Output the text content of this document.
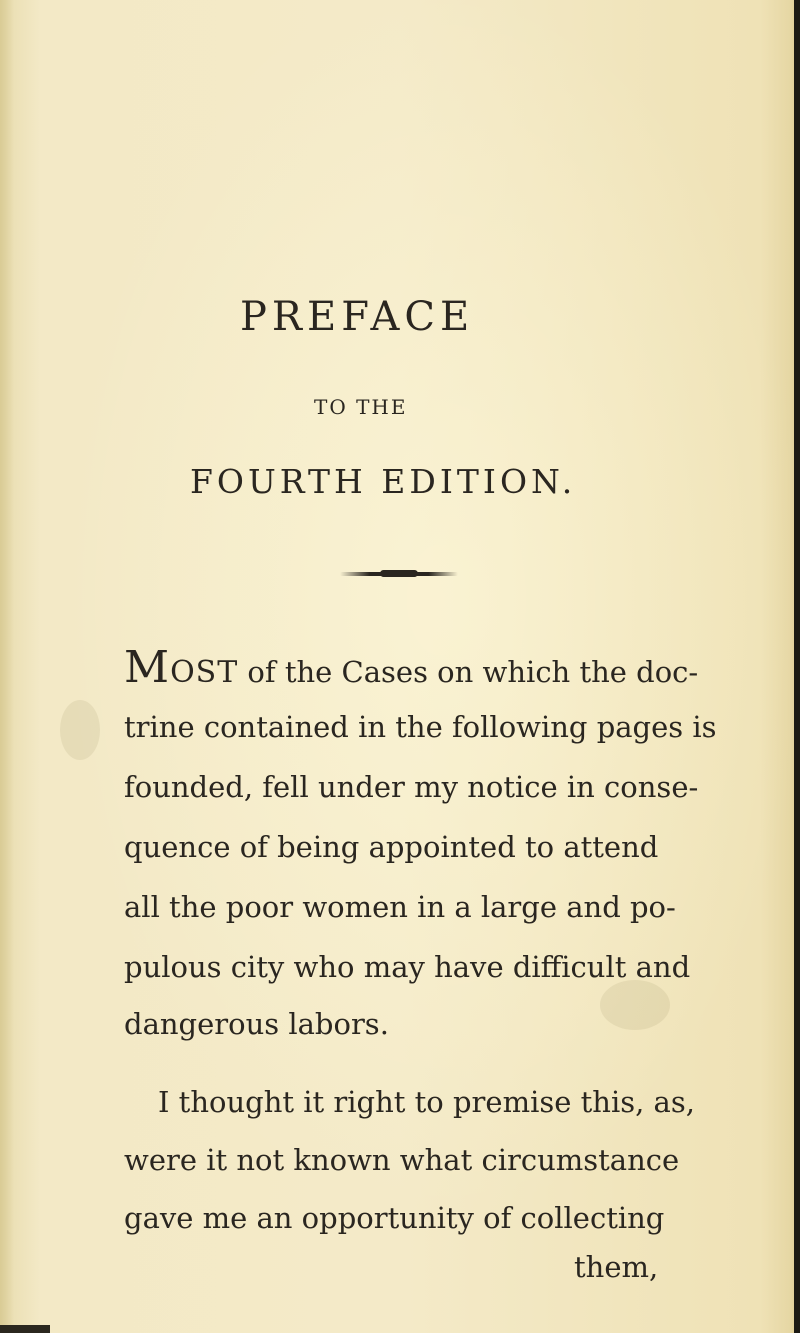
PREFACE
TO THE
FOURTH EDITION.
MOST of the Cases on which the doc-
trine contained in the following pages is
founded, fell under my notice in conse-
quence of being appointed to attend
all the poor women in a large and po-
pulous city who may have difficult and
dangerous labors.
I thought it right to premise this, as,
were it not known what circumstance
gave me an opportunity of collecting
them,
